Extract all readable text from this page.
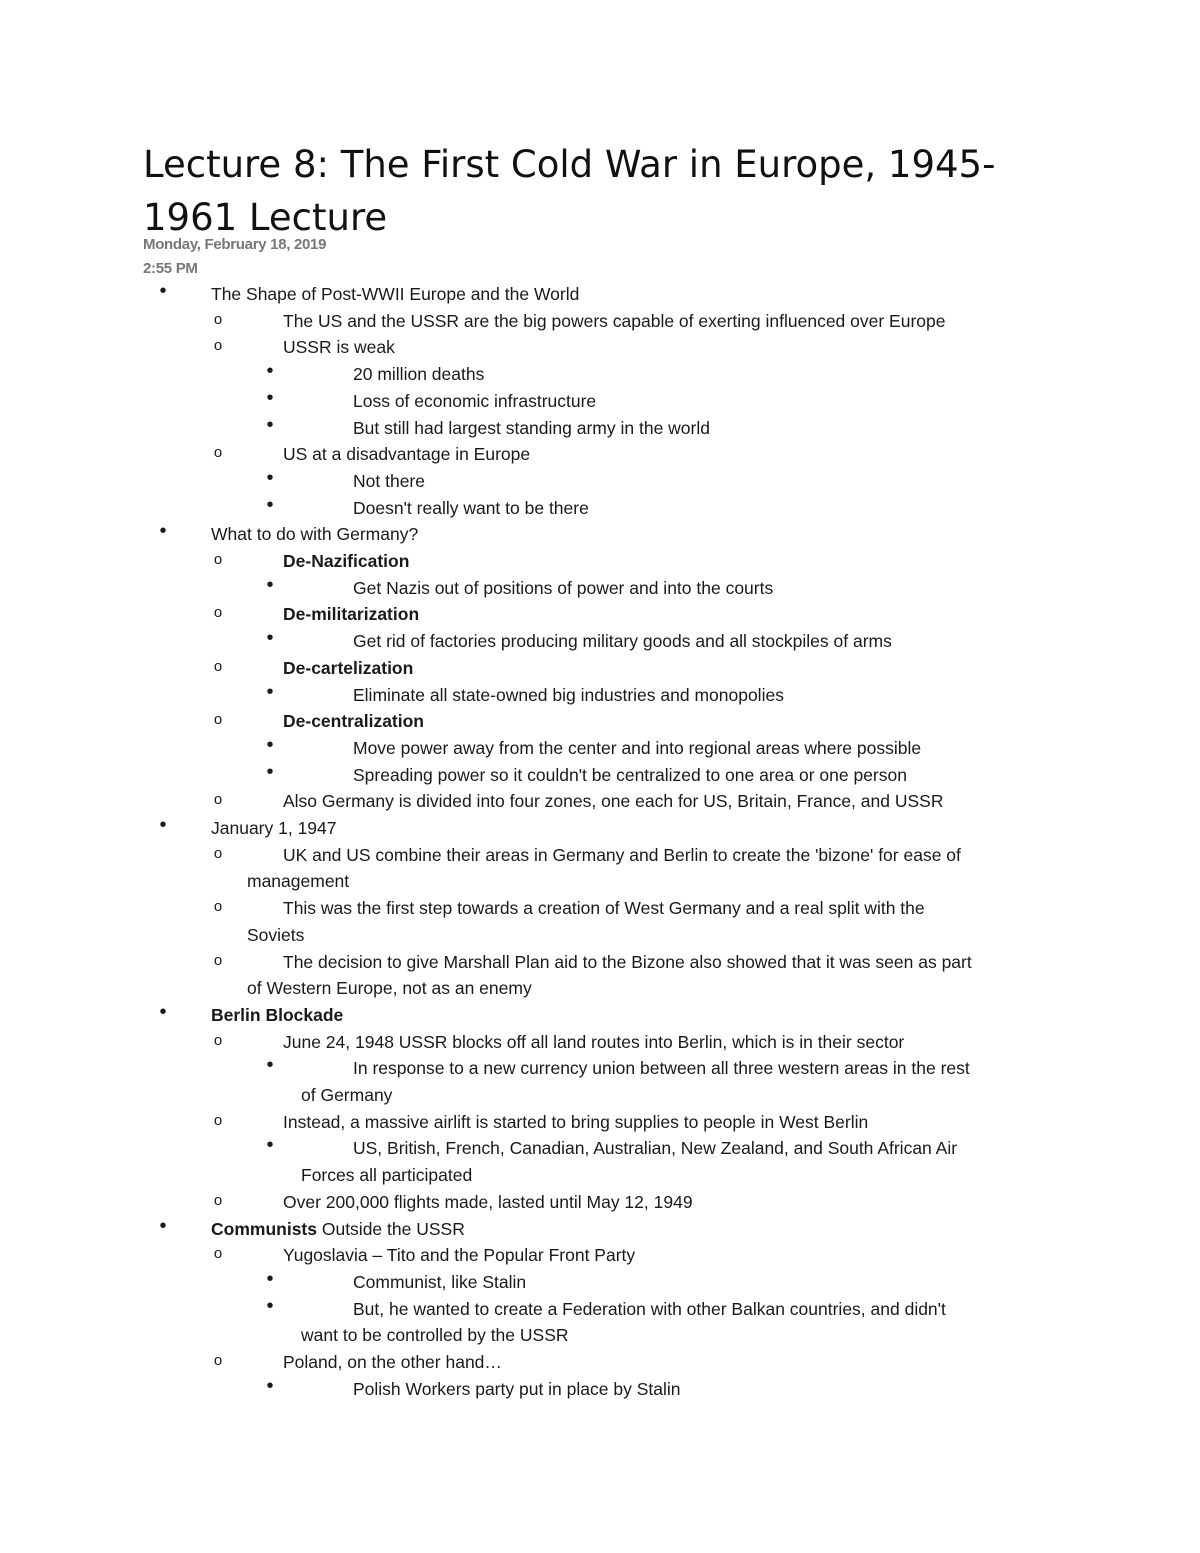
Lecture 8: The First Cold War in Europe, 1945-1961 Lecture
Monday, February 18, 2019
2:55 PM
•	The Shape of Post-WWII Europe and the World
o	The US and the USSR are the big powers capable of exerting influenced over Europe
o	USSR is weak
•	20 million deaths
•	Loss of economic infrastructure
•	But still had largest standing army in the world
o	US at a disadvantage in Europe
•	Not there
•	Doesn't really want to be there
•	What to do with Germany?
o	De-Nazification
•	Get Nazis out of positions of power and into the courts
o	De-militarization
•	Get rid of factories producing military goods and all stockpiles of arms
o	De-cartelization
•	Eliminate all state-owned big industries and monopolies
o	De-centralization
•	Move power away from the center and into regional areas where possible
•	Spreading power so it couldn't be centralized to one area or one person
o	Also Germany is divided into four zones, one each for US, Britain, France, and USSR
•	January 1, 1947
o	UK and US combine their areas in Germany and Berlin to create the 'bizone' for ease of
management
o	This was the first step towards a creation of West Germany and a real split with the
Soviets
o	The decision to give Marshall Plan aid to the Bizone also showed that it was seen as part
of Western Europe, not as an enemy
•	Berlin Blockade
o	June 24, 1948 USSR blocks off all land routes into Berlin, which is in their sector
•	In response to a new currency union between all three western areas in the rest
of Germany
o	Instead, a massive airlift is started to bring supplies to people in West Berlin
•	US, British, French, Canadian, Australian, New Zealand, and South African Air
Forces all participated
o	Over 200,000 flights made, lasted until May 12, 1949
•	Communists Outside the USSR
o	Yugoslavia – Tito and the Popular Front Party
•	Communist, like Stalin
•	But, he wanted to create a Federation with other Balkan countries, and didn't
want to be controlled by the USSR
o	Poland, on the other hand…
•	Polish Workers party put in place by Stalin
